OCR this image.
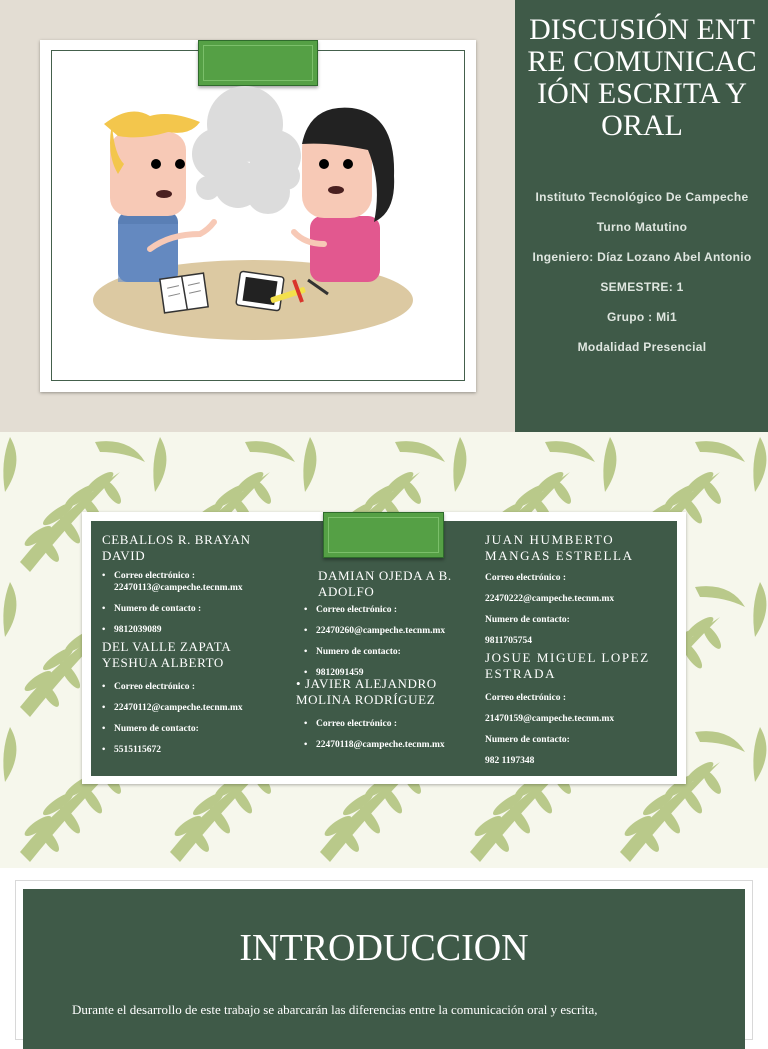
DISCUSIÓN ENTRE COMUNICACIÓN ESCRITA Y ORAL

Instituto Tecnológico De Campeche

Turno Matutino

Ingeniero: Díaz Lozano Abel Antonio

SEMESTRE: 1

Grupo : Mi1

Modalidad Presencial

CEBALLOS R. BRAYAN DAVID

• Correo electrónico :
22470113@campeche.tecnm.mx
• Numero de contacto :
• 9812039089

DEL VALLE ZAPATA YESHUA ALBERTO

• Correo electrónico :
• 22470112@campeche.tecnm.mx
• Numero de contacto:
• 5515115672

DAMIAN OJEDA A B. ADOLFO

• Correo electrónico :
• 22470260@campeche.tecnm.mx
• Numero de contacto:
• 9812091459

• JAVIER ALEJANDRO MOLINA RODRÍGUEZ

• Correo electrónico :
• 22470118@campeche.tecnm.mx

JUAN HUMBERTO MANGAS ESTRELLA

Correo electrónico :
22470222@campeche.tecnm.mx
Numero de contacto:
9811705754

JOSUE MIGUEL LOPEZ ESTRADA

Correo electrónico :
21470159@campeche.tecnm.mx
Numero de contacto:
982 1197348
INTRODUCCION
Durante el desarrollo de este trabajo se abarcarán las diferencias entre la comunicación oral y escrita,
